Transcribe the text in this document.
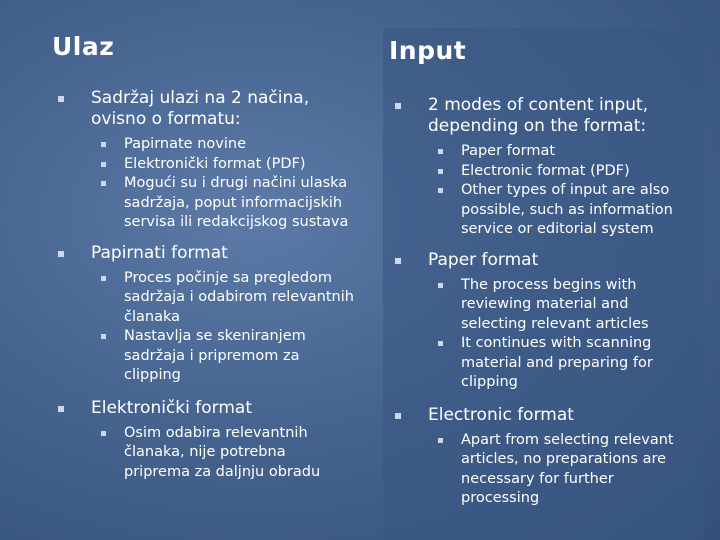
Ulaz	Input
Sadržaj ulazi na 2 načina, ovisno o formatu:
Papirnate novine
Elektronički format (PDF)
Mogući su i drugi načini ulaska sadržaja, poput informacijskih servisa ili redakcijskog sustava
Papirnati format
Proces počinje sa pregledom sadržaja i odabirom relevantnih članaka
Nastavlja se skeniranjem sadržaja i pripremom za clipping
Elektronički format
Osim odabira relevantnih članaka, nije potrebna priprema za daljnju obradu
2 modes of content input, depending on the format:
Paper format
Electronic format (PDF)
Other types of input are also possible, such as information service or editorial system
Paper format
The process begins with reviewing material and selecting relevant articles
It continues with scanning material and preparing for clipping
Electronic format
Apart from selecting relevant articles, no preparations are necessary for further processing
